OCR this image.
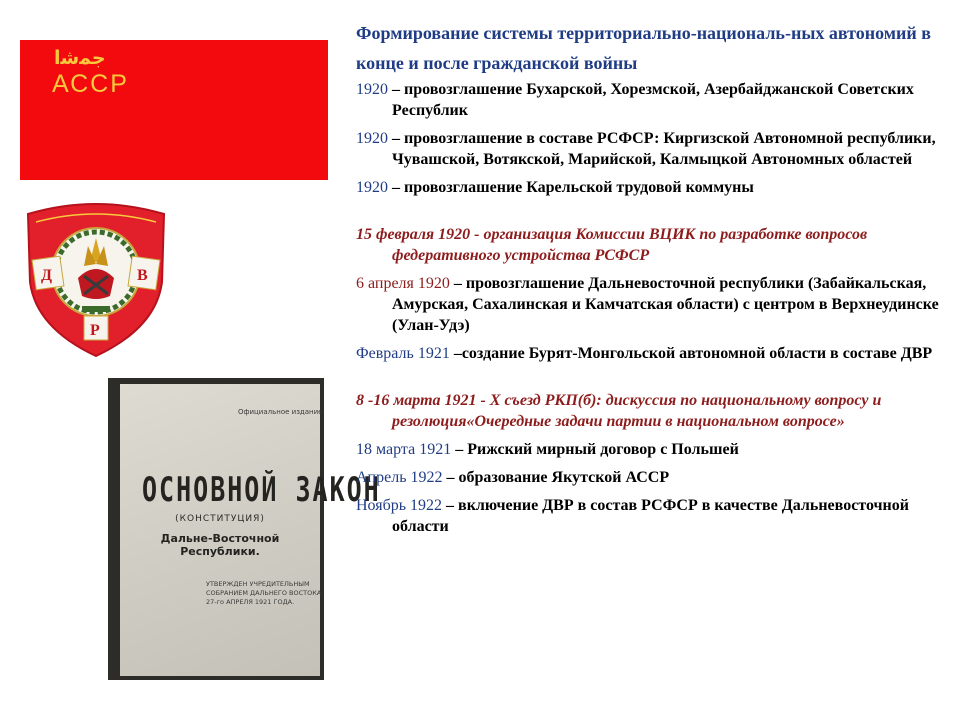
ﺟﻤﺷﺍ
АССР
Д	В
Р
Официальное издание.
ОСНОВНОЙ ЗАКОН
(КОНСТИТУЦИЯ)
Дальне-Восточной Республики.
УТВЕРЖДЕН УЧРЕДИТЕЛЬНЫМ СОБРАНИЕМ ДАЛЬНЕГО ВОСТОКА 27-го АПРЕЛЯ 1921 ГОДА.
Формирование системы территориально-националь-ных автономий в конце и после гражданской войны
1920 – провозглашение Бухарской, Хорезмской, Азербайджанской Советских Республик
1920 – провозглашение в составе РСФСР: Киргизской Автономной республики, Чувашской, Вотякской, Марийской, Калмыцкой Автономных областей
1920 – провозглашение Карельской трудовой коммуны
15 февраля 1920 - организация Комиссии ВЦИК по разработке вопросов федеративного устройства РСФСР
6 апреля 1920 – провозглашение Дальневосточной республики (Забайкальская, Амурская, Сахалинская и Камчатская области) с центром в Верхнеудинске (Улан-Удэ)
Февраль 1921 –создание Бурят-Монгольской автономной области в составе ДВР
8 -16 марта 1921 - X съезд РКП(б): дискуссия по национальному вопросу и резолюция«Очередные задачи партии в национальном вопросе»
18 марта 1921 – Рижский мирный договор с Польшей
Апрель 1922 – образование Якутской АССР
Ноябрь 1922 – включение ДВР в состав РСФСР в качестве Дальневосточной области
